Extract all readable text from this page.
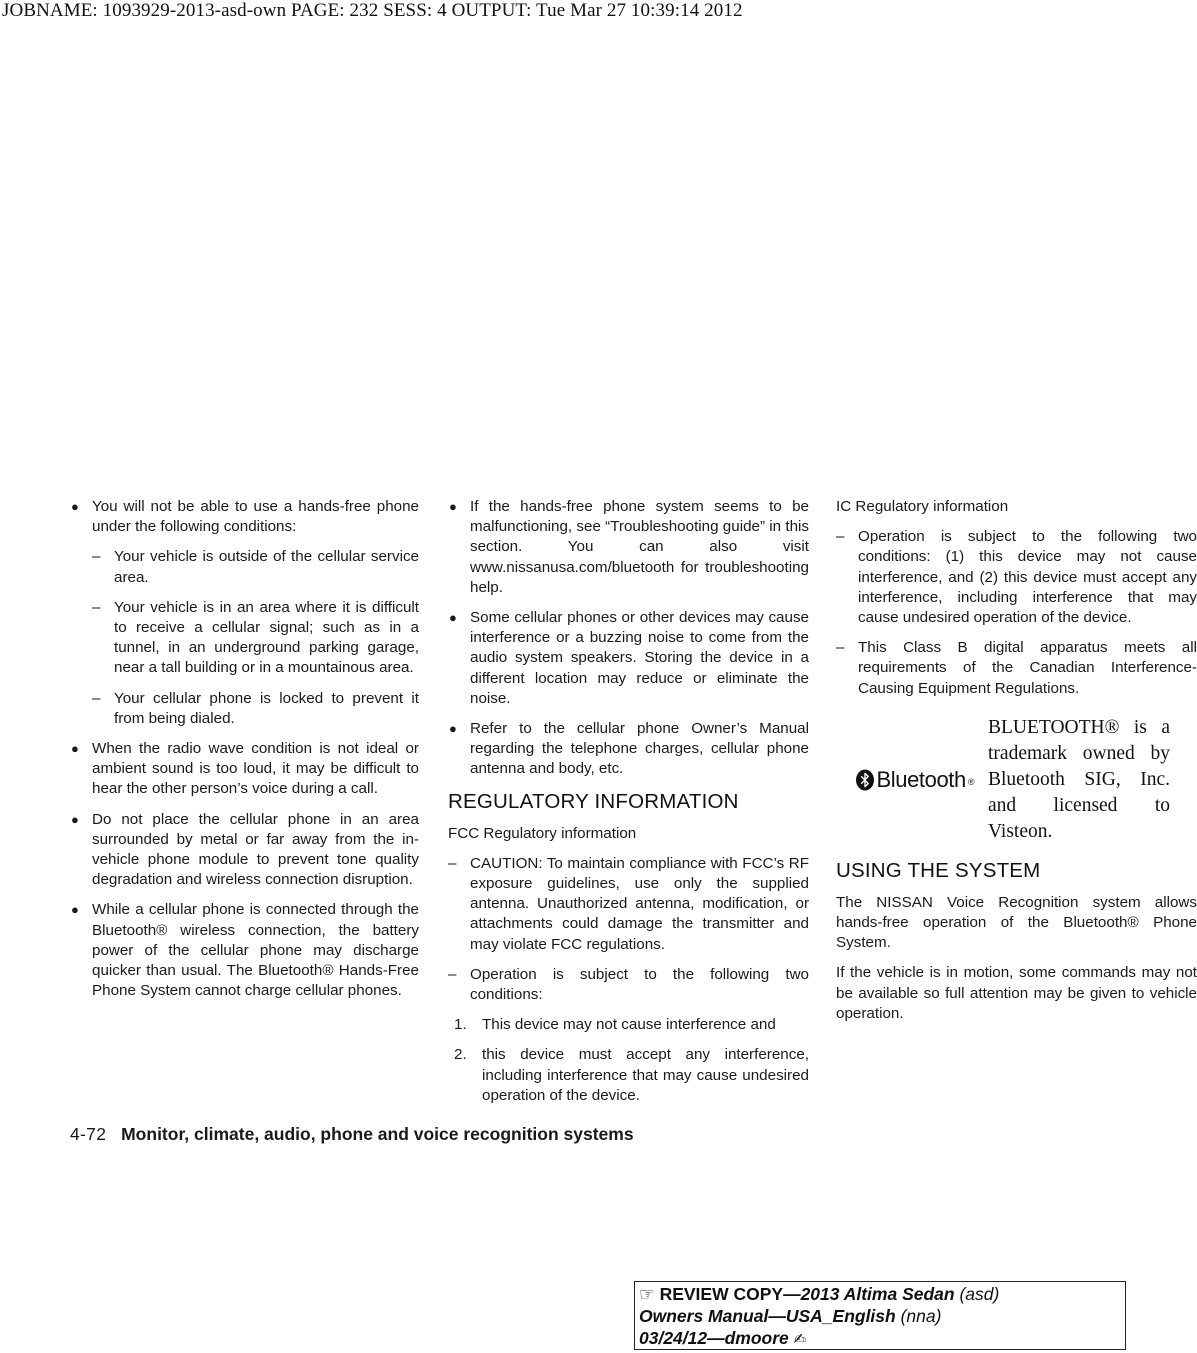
JOBNAME: 1093929-2013-asd-own PAGE: 232 SESS: 4 OUTPUT: Tue Mar 27 10:39:14 2012
● You will not be able to use a hands-free phone under the following conditions:
– Your vehicle is outside of the cellular service area.
– Your vehicle is in an area where it is difficult to receive a cellular signal; such as in a tunnel, in an underground parking garage, near a tall building or in a mountainous area.
– Your cellular phone is locked to prevent it from being dialed.
● When the radio wave condition is not ideal or ambient sound is too loud, it may be difficult to hear the other person’s voice during a call.
● Do not place the cellular phone in an area surrounded by metal or far away from the in-vehicle phone module to prevent tone quality degradation and wireless connection disruption.
● While a cellular phone is connected through the Bluetooth® wireless connection, the battery power of the cellular phone may discharge quicker than usual. The Bluetooth® Hands-Free Phone System cannot charge cellular phones.
● If the hands-free phone system seems to be malfunctioning, see “Troubleshooting guide” in this section. You can also visit www.nissanusa.com/bluetooth for troubleshooting help.
● Some cellular phones or other devices may cause interference or a buzzing noise to come from the audio system speakers. Storing the device in a different location may reduce or eliminate the noise.
● Refer to the cellular phone Owner’s Manual regarding the telephone charges, cellular phone antenna and body, etc.
REGULATORY INFORMATION
FCC Regulatory information
– CAUTION: To maintain compliance with FCC’s RF exposure guidelines, use only the supplied antenna. Unauthorized antenna, modification, or attachments could damage the transmitter and may violate FCC regulations.
– Operation is subject to the following two conditions:
1. This device may not cause interference and
2. this device must accept any interference, including interference that may cause undesired operation of the device.
IC Regulatory information
– Operation is subject to the following two conditions: (1) this device may not cause interference, and (2) this device must accept any interference, including interference that may cause undesired operation of the device.
– This Class B digital apparatus meets all requirements of the Canadian Interference-Causing Equipment Regulations.
Bluetooth ®
BLUETOOTH® is a trademark owned by Bluetooth SIG, Inc. and licensed to Visteon.
USING THE SYSTEM
The NISSAN Voice Recognition system allows hands-free operation of the Bluetooth® Phone System.
If the vehicle is in motion, some commands may not be available so full attention may be given to vehicle operation.
4-72 Monitor, climate, audio, phone and voice recognition systems
☞ REVIEW COPY—2013 Altima Sedan (asd)
Owners Manual—USA_English (nna)
03/24/12—dmoore ✍
